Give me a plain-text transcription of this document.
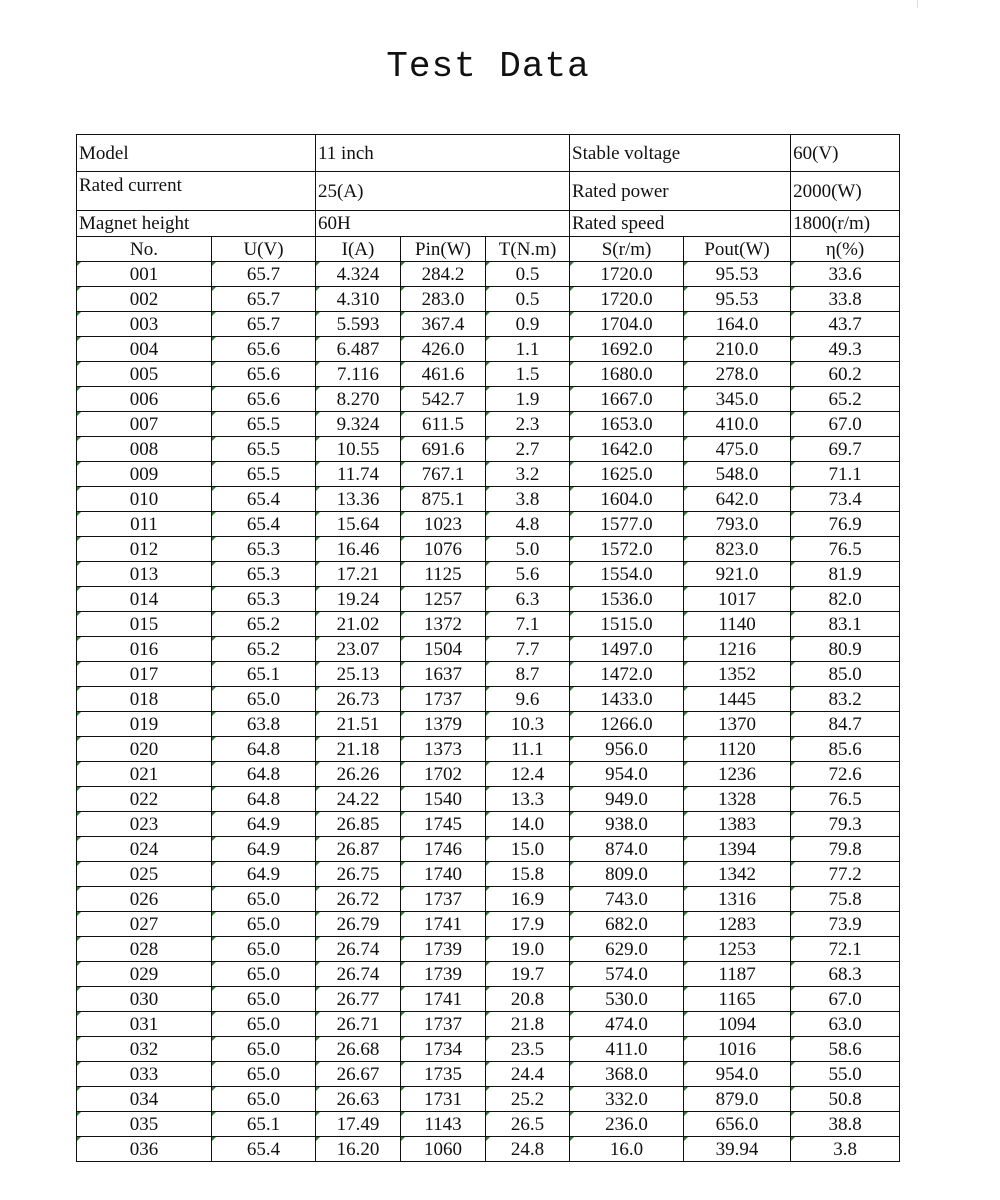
Test Data
Model		11 inch			Stable voltage		60(V)
Rated current		25(A)			Rated power		2000(W)
Magnet height		60H			Rated speed		1800(r/m)
No.	U(V)	I(A)	Pin(W)	T(N.m)	S(r/m)	Pout(W)	η(%)
001	65.7	4.324	284.2	0.5	1720.0	95.53	33.6
002	65.7	4.310	283.0	0.5	1720.0	95.53	33.8
003	65.7	5.593	367.4	0.9	1704.0	164.0	43.7
004	65.6	6.487	426.0	1.1	1692.0	210.0	49.3
005	65.6	7.116	461.6	1.5	1680.0	278.0	60.2
006	65.6	8.270	542.7	1.9	1667.0	345.0	65.2
007	65.5	9.324	611.5	2.3	1653.0	410.0	67.0
008	65.5	10.55	691.6	2.7	1642.0	475.0	69.7
009	65.5	11.74	767.1	3.2	1625.0	548.0	71.1
010	65.4	13.36	875.1	3.8	1604.0	642.0	73.4
011	65.4	15.64	1023	4.8	1577.0	793.0	76.9
012	65.3	16.46	1076	5.0	1572.0	823.0	76.5
013	65.3	17.21	1125	5.6	1554.0	921.0	81.9
014	65.3	19.24	1257	6.3	1536.0	1017	82.0
015	65.2	21.02	1372	7.1	1515.0	1140	83.1
016	65.2	23.07	1504	7.7	1497.0	1216	80.9
017	65.1	25.13	1637	8.7	1472.0	1352	85.0
018	65.0	26.73	1737	9.6	1433.0	1445	83.2
019	63.8	21.51	1379	10.3	1266.0	1370	84.7
020	64.8	21.18	1373	11.1	956.0	1120	85.6
021	64.8	26.26	1702	12.4	954.0	1236	72.6
022	64.8	24.22	1540	13.3	949.0	1328	76.5
023	64.9	26.85	1745	14.0	938.0	1383	79.3
024	64.9	26.87	1746	15.0	874.0	1394	79.8
025	64.9	26.75	1740	15.8	809.0	1342	77.2
026	65.0	26.72	1737	16.9	743.0	1316	75.8
027	65.0	26.79	1741	17.9	682.0	1283	73.9
028	65.0	26.74	1739	19.0	629.0	1253	72.1
029	65.0	26.74	1739	19.7	574.0	1187	68.3
030	65.0	26.77	1741	20.8	530.0	1165	67.0
031	65.0	26.71	1737	21.8	474.0	1094	63.0
032	65.0	26.68	1734	23.5	411.0	1016	58.6
033	65.0	26.67	1735	24.4	368.0	954.0	55.0
034	65.0	26.63	1731	25.2	332.0	879.0	50.8
035	65.1	17.49	1143	26.5	236.0	656.0	38.8
036	65.4	16.20	1060	24.8	16.0	39.94	3.8
